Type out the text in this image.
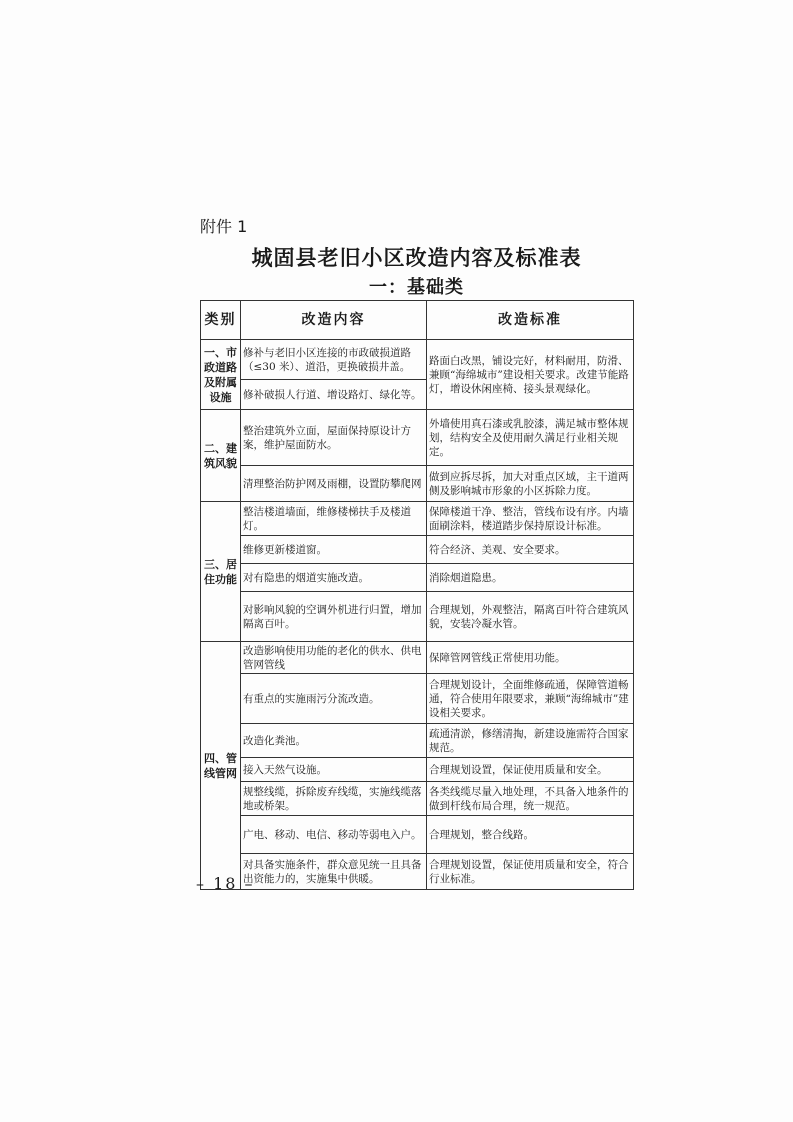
附件 1
城固县老旧小区改造内容及标准表
一：基础类
类别	改造内容	改造标准
一、市政道路及附属设施	修补与老旧小区连接的市政破损道路（≤30 米）、道沿，更换破损井盖。	路面白改黑，铺设完好，材料耐用，防滑、兼顾“海绵城市”建设相关要求。改建节能路灯，增设休闲座椅、接头景观绿化。
	修补破损人行道、增设路灯、绿化等。	
二、建筑风貌	整治建筑外立面，屋面保持原设计方案，维护屋面防水。	外墙使用真石漆或乳胶漆，满足城市整体规划，结构安全及使用耐久满足行业相关规定。
	清理整治防护网及雨棚，设置防攀爬网	做到应拆尽拆，加大对重点区域，主干道两侧及影响城市形象的小区拆除力度。
三、居住功能	整洁楼道墙面，维修楼梯扶手及楼道灯。	保障楼道干净、整洁，管线布设有序。内墙面刷涂料，楼道踏步保持原设计标准。
	维修更新楼道窗。	符合经济、美观、安全要求。
	对有隐患的烟道实施改造。	消除烟道隐患。
	对影响风貌的空调外机进行归置，增加隔离百叶。	合理规划，外观整洁，隔离百叶符合建筑风貌，安装冷凝水管。
四、管线管网	改造影响使用功能的老化的供水、供电管网管线	保障管网管线正常使用功能。
	有重点的实施雨污分流改造。	合理规划设计，全面维修疏通，保障管道畅通，符合使用年限要求，兼顾“海绵城市”建设相关要求。
	改造化粪池。	疏通清淤，修缮清掏，新建设施需符合国家规范。
	接入天然气设施。	合理规划设置，保证使用质量和安全。
	规整线缆，拆除废弃线缆，实施线缆落地或桥架。	各类线缆尽量入地处理，不具备入地条件的做到杆线布局合理，统一规范。
	广电、移动、电信、移动等弱电入户。	合理规划，整合线路。
	对具备实施条件，群众意见统一且具备出资能力的，实施集中供暖。	合理规划设置，保证使用质量和安全，符合行业标准。
– 18 –
